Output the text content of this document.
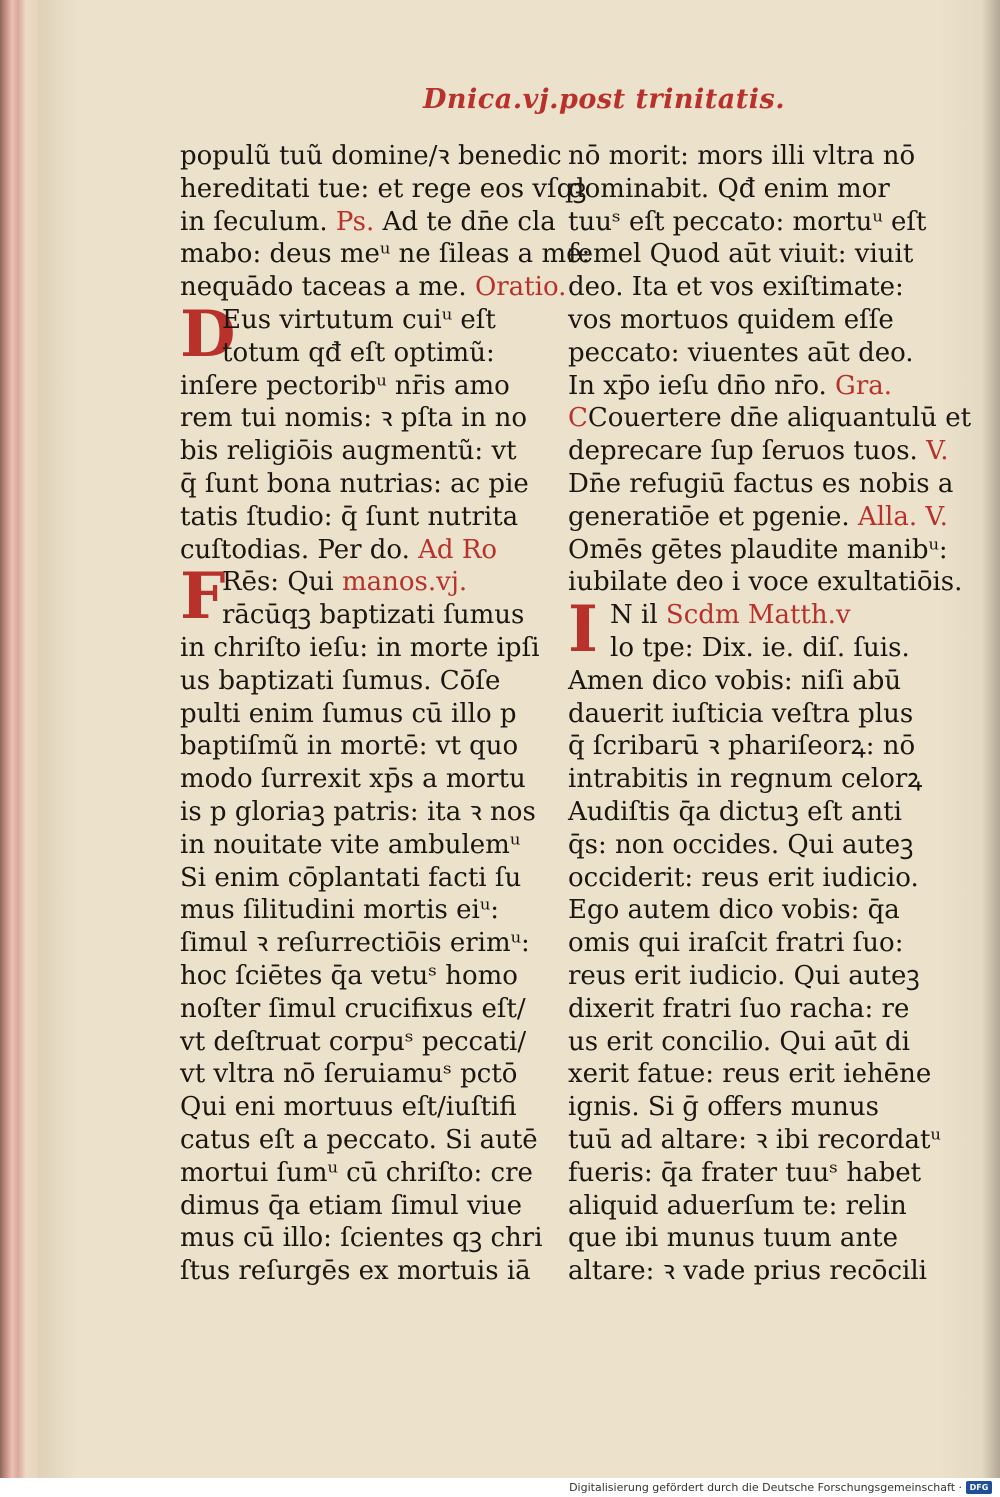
Dnica.vj.post trinitatis.
populũ tuũ domine/ꝛ benedic
hereditati tue: et rege eos vſqꝫ
in ſeculum. Ps. Ad te dn̄e cla
mabo: deus meᵘ ne ſileas a me:
nequādo taceas a me. Oratio.
D
Eus virtutum cuiᵘ eſt
totum qđ eſt optimũ:
inſere pectoribᵘ nr̄is amo
rem tui nomis: ꝛ pſta in no
bis religiōis augmentũ: vt
q̄ ſunt bona nutrias: ac pie
tatis ſtudio: q̄ ſunt nutrita
cuſtodias. Per do. Ad Ro
F
Rēs: Qui manos.vj.
rācūqꝫ baptizati ſumus
in chriſto ieſu: in morte ipſi
us baptizati ſumus. Cōſe
pulti enim ſumus cū illo p
baptiſmũ in mortē: vt quo
modo ſurrexit xp̄s a mortu
is p gloriaꝫ patris: ita ꝛ nos
in nouitate vite ambulemᵘ
Si enim cōplantati facti ſu
mus ſilitudini mortis eiᵘ:
ſimul ꝛ reſurrectiōis erimᵘ:
hoc ſciētes q̄a vetuˢ homo
noſter ſimul crucifixus eſt/
vt deſtruat corpuˢ peccati/
vt vltra nō ſeruiamuˢ pctō
Qui eni mortuus eſt/iuſtifi
catus eſt a peccato. Si autē
mortui ſumᵘ cū chriſto: cre
dimus q̄a etiam ſimul viue
mus cū illo: ſcientes qꝫ chri
ſtus reſurgēs ex mortuis iā
nō morit: mors illi vltra nō
dominabit. Qđ enim mor
tuuˢ eſt peccato: mortuᵘ eſt
ſemel Quod aūt viuit: viuit
deo. Ita et vos exiſtimate:
vos mortuos quidem eſſe
peccato: viuentes aūt deo.
In xp̄o ieſu dn̄o nr̄o. Gra.
CCouertere dn̄e aliquantulū et
deprecare ſup ſeruos tuos. V.
Dn̄e refugiū factus es nobis a
generatiōe et pgenie. Alla. V.
Omēs gētes plaudite manibᵘ:
iubilate deo i voce exultatiōis.
I N il Scdm Matth.v
lo tpe: Dix. ie. diſ. ſuis.
Amen dico vobis: niſi abū
dauerit iuſticia veſtra plus
q̄ ſcribarū ꝛ phariſeorꝝ: nō
intrabitis in regnum celorꝝ
Audiſtis q̄a dictuꝫ eſt anti
q̄s: non occides. Qui auteꝫ
occiderit: reus erit iudicio.
Ego autem dico vobis: q̄a
omis qui iraſcit fratri ſuo:
reus erit iudicio. Qui auteꝫ
dixerit fratri ſuo racha: re
us erit concilio. Qui aūt di
xerit fatue: reus erit iehēne
ignis. Si ḡ offers munus
tuū ad altare: ꝛ ibi recordatᵘ
fueris: q̄a frater tuuˢ habet
aliquid aduerſum te: relin
que ibi munus tuum ante
altare: ꝛ vade prius recōcili
Digitalisierung gefördert durch die Deutsche Forschungsgemeinschaft · DFG
